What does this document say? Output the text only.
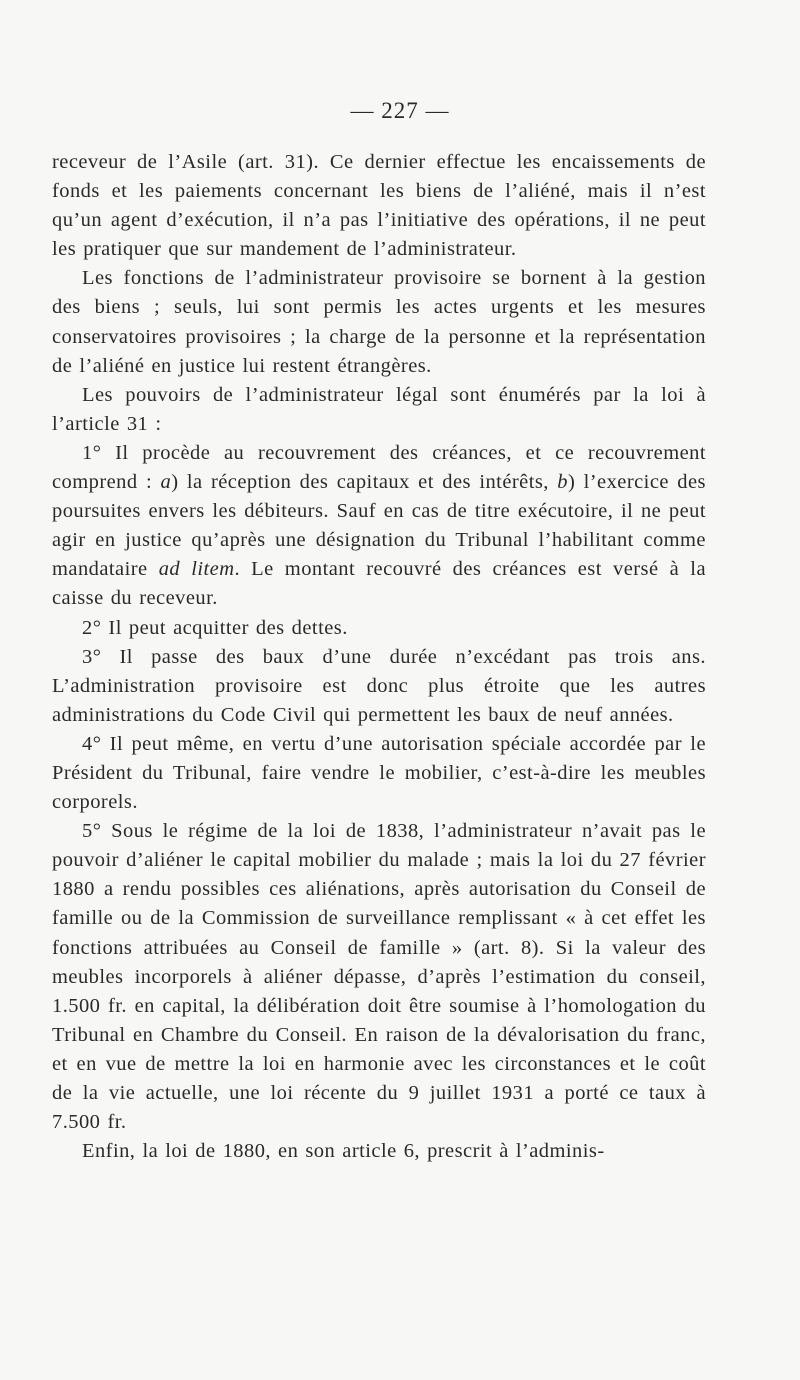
— 227 —

receveur de l’Asile (art. 31). Ce dernier effectue les encaissements de fonds et les paiements concernant les biens de l’aliéné, mais il n’est qu’un agent d’exécution, il n’a pas l’initiative des opérations, il ne peut les pratiquer que sur mandement de l’administrateur.

Les fonctions de l’administrateur provisoire se bornent à la gestion des biens ; seuls, lui sont permis les actes urgents et les mesures conservatoires provisoires ; la charge de la personne et la représentation de l’aliéné en justice lui restent étrangères.

Les pouvoirs de l’administrateur légal sont énumérés par la loi à l’article 31 :

1° Il procède au recouvrement des créances, et ce recouvrement comprend : a) la réception des capitaux et des intérêts, b) l’exercice des poursuites envers les débiteurs. Sauf en cas de titre exécutoire, il ne peut agir en justice qu’après une désignation du Tribunal l’habilitant comme mandataire ad litem. Le montant recouvré des créances est versé à la caisse du receveur.

2° Il peut acquitter des dettes.

3° Il passe des baux d’une durée n’excédant pas trois ans. L’administration provisoire est donc plus étroite que les autres administrations du Code Civil qui permettent les baux de neuf années.

4° Il peut même, en vertu d’une autorisation spéciale accordée par le Président du Tribunal, faire vendre le mobilier, c’est-à-dire les meubles corporels.

5° Sous le régime de la loi de 1838, l’administrateur n’avait pas le pouvoir d’aliéner le capital mobilier du malade ; mais la loi du 27 février 1880 a rendu possibles ces aliénations, après autorisation du Conseil de famille ou de la Commission de surveillance remplissant « à cet effet les fonctions attribuées au Conseil de famille » (art. 8). Si la valeur des meubles incorporels à aliéner dépasse, d’après l’estimation du conseil, 1.500 fr. en capital, la délibération doit être soumise à l’homologation du Tribunal en Chambre du Conseil. En raison de la dévalorisation du franc, et en vue de mettre la loi en harmonie avec les circonstances et le coût de la vie actuelle, une loi récente du 9 juillet 1931 a porté ce taux à 7.500 fr.

Enfin, la loi de 1880, en son article 6, prescrit à l’adminis-
